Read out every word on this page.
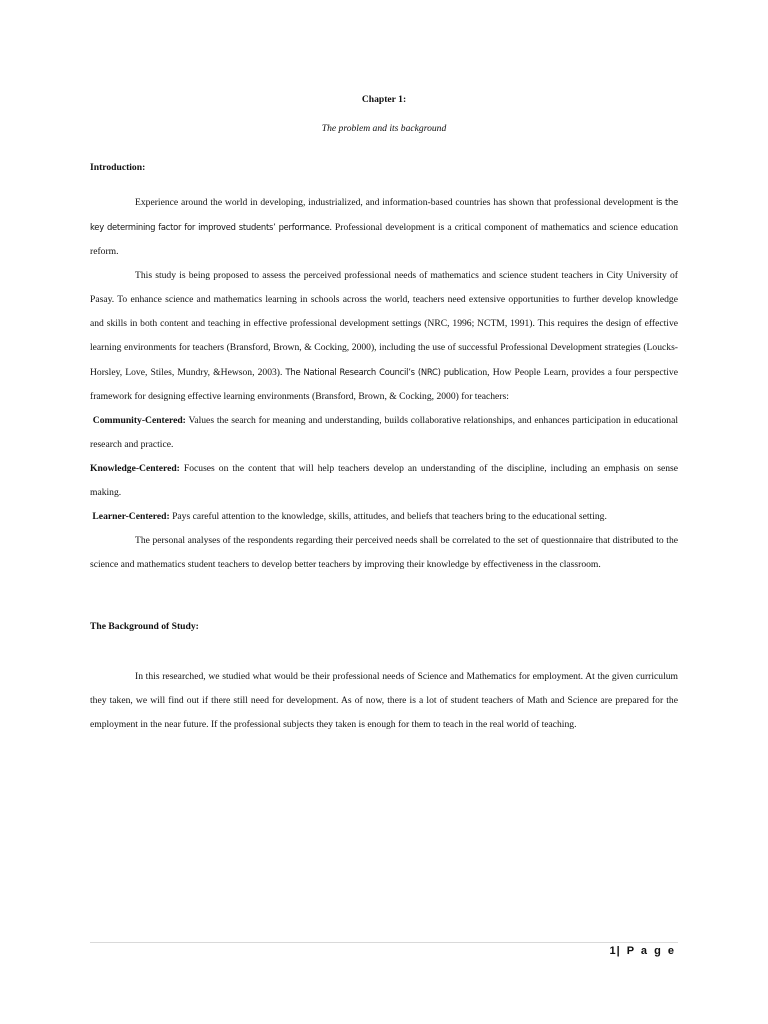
Chapter 1:
The problem and its background
Introduction:

Experience around the world in developing, industrialized, and information-based countries has shown that professional development is the key determining factor for improved students’ performance. Professional development is a critical component of mathematics and science education reform.

This study is being proposed to assess the perceived professional needs of mathematics and science student teachers in City University of Pasay. To enhance science and mathematics learning in schools across the world, teachers need extensive opportunities to further develop knowledge and skills in both content and teaching in effective professional development settings (NRC, 1996; NCTM, 1991). This requires the design of effective learning environments for teachers (Bransford, Brown, & Cocking, 2000), including the use of successful Professional Development strategies (Loucks-Horsley, Love, Stiles, Mundry, &Hewson, 2003). The National Research Council’s (NRC) publication, How People Learn, provides a four perspective framework for designing effective learning environments (Bransford, Brown, & Cocking, 2000) for teachers:

Community-Centered: Values the search for meaning and understanding, builds collaborative relationships, and enhances participation in educational research and practice.

Knowledge-Centered: Focuses on the content that will help teachers develop an understanding of the discipline, including an emphasis on sense making.

Learner-Centered: Pays careful attention to the knowledge, skills, attitudes, and beliefs that teachers bring to the educational setting.

The personal analyses of the respondents regarding their perceived needs shall be correlated to the set of questionnaire that distributed to the science and mathematics student teachers to develop better teachers by improving their knowledge by effectiveness in the classroom.

The Background of Study:

In this researched, we studied what would be their professional needs of Science and Mathematics for employment. At the given curriculum they taken, we will find out if there still need for development. As of now, there is a lot of student teachers of Math and Science are prepared for the employment in the near future. If the professional subjects they taken is enough for them to teach in the real world of teaching.

1| P a g e
